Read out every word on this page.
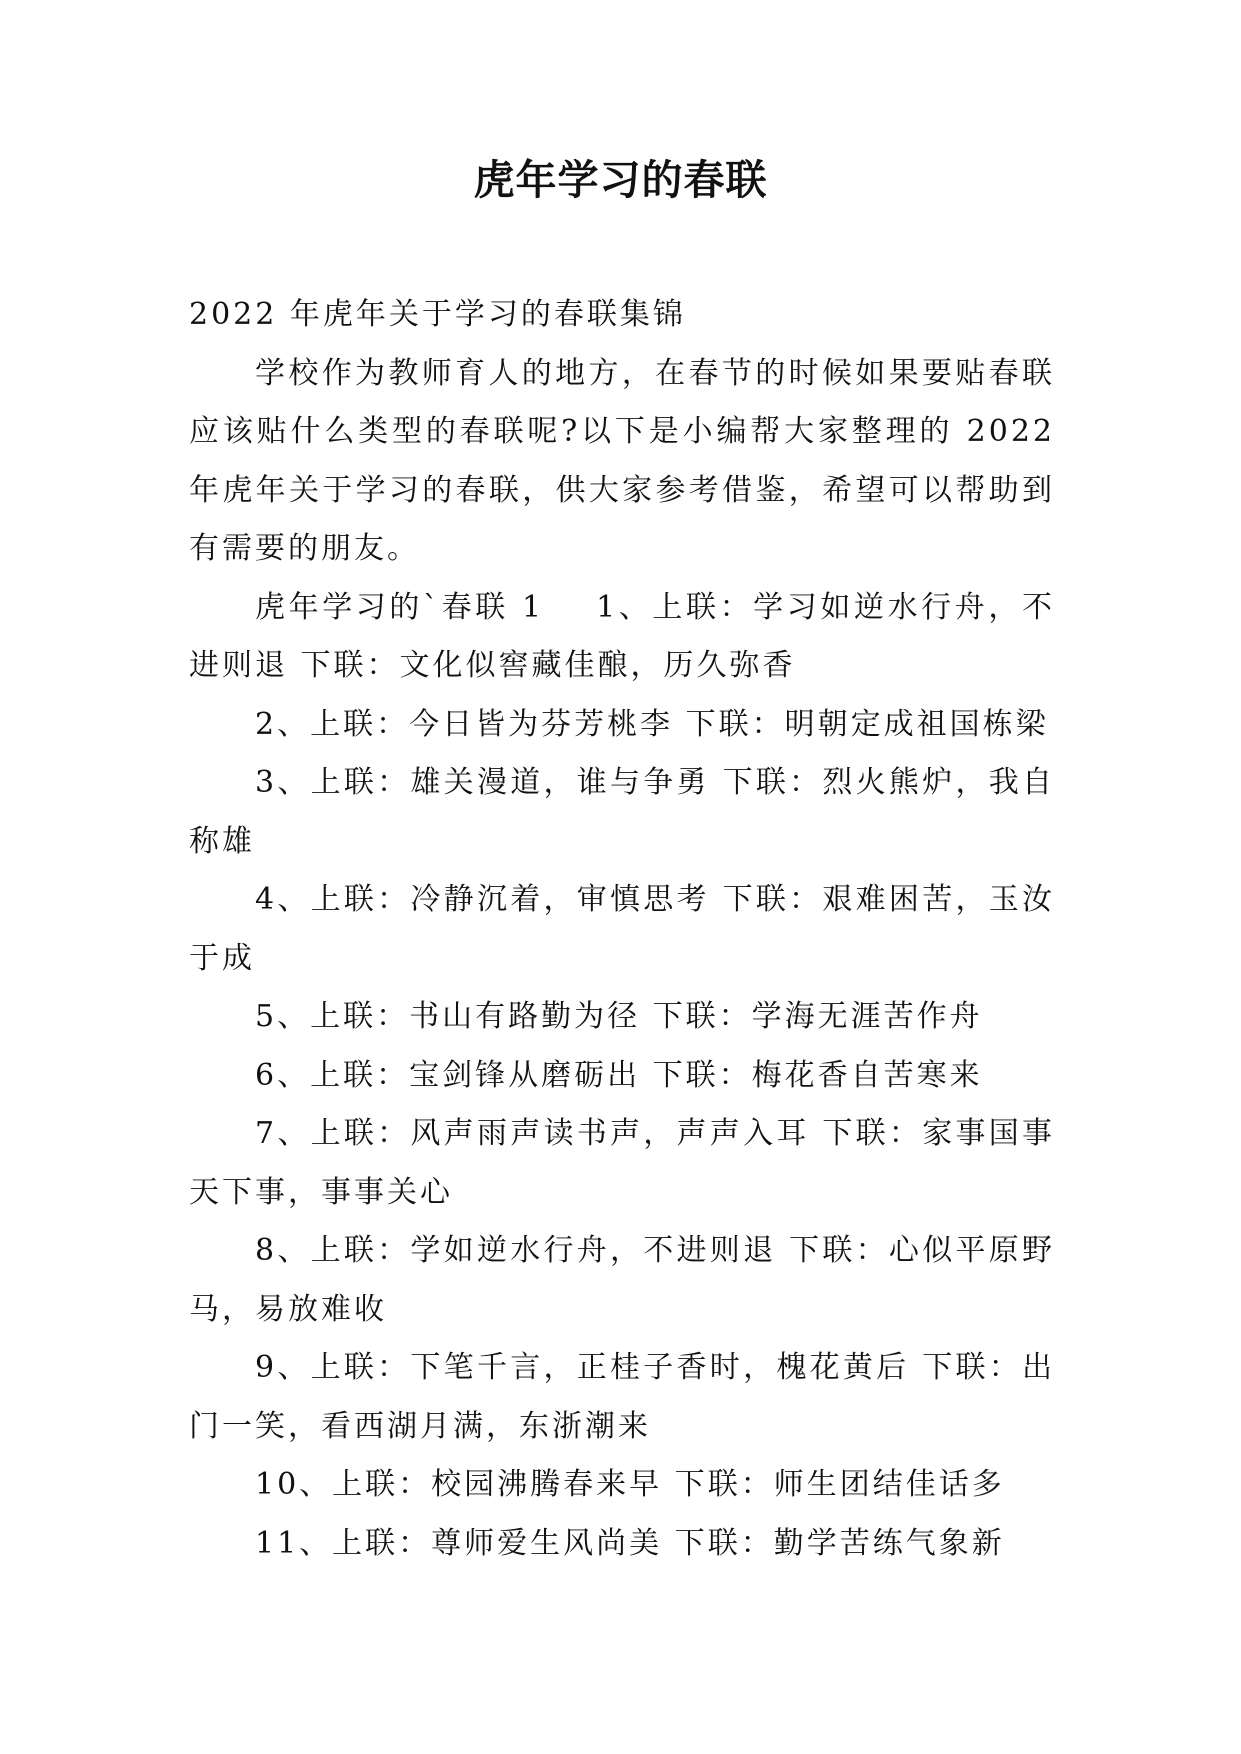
虎年学习的春联

2022 年虎年关于学习的春联集锦

学校作为教师育人的地方，在春节的时候如果要贴春联应该贴什么类型的春联呢?以下是小编帮大家整理的 2022 年虎年关于学习的春联，供大家参考借鉴，希望可以帮助到有需要的朋友。

虎年学习的`春联 1 1、上联：学习如逆水行舟，不进则退 下联：文化似窖藏佳酿，历久弥香

2、上联：今日皆为芬芳桃李 下联：明朝定成祖国栋梁

3、上联：雄关漫道，谁与争勇 下联：烈火熊炉，我自称雄

4、上联：冷静沉着，审慎思考 下联：艰难困苦，玉汝于成

5、上联：书山有路勤为径 下联：学海无涯苦作舟

6、上联：宝剑锋从磨砺出 下联：梅花香自苦寒来

7、上联：风声雨声读书声，声声入耳 下联：家事国事天下事，事事关心

8、上联：学如逆水行舟，不进则退 下联：心似平原野马，易放难收

9、上联：下笔千言，正桂子香时，槐花黄后 下联：出门一笑，看西湖月满，东浙潮来

10、上联：校园沸腾春来早 下联：师生团结佳话多

11、上联：尊师爱生风尚美 下联：勤学苦练气象新
